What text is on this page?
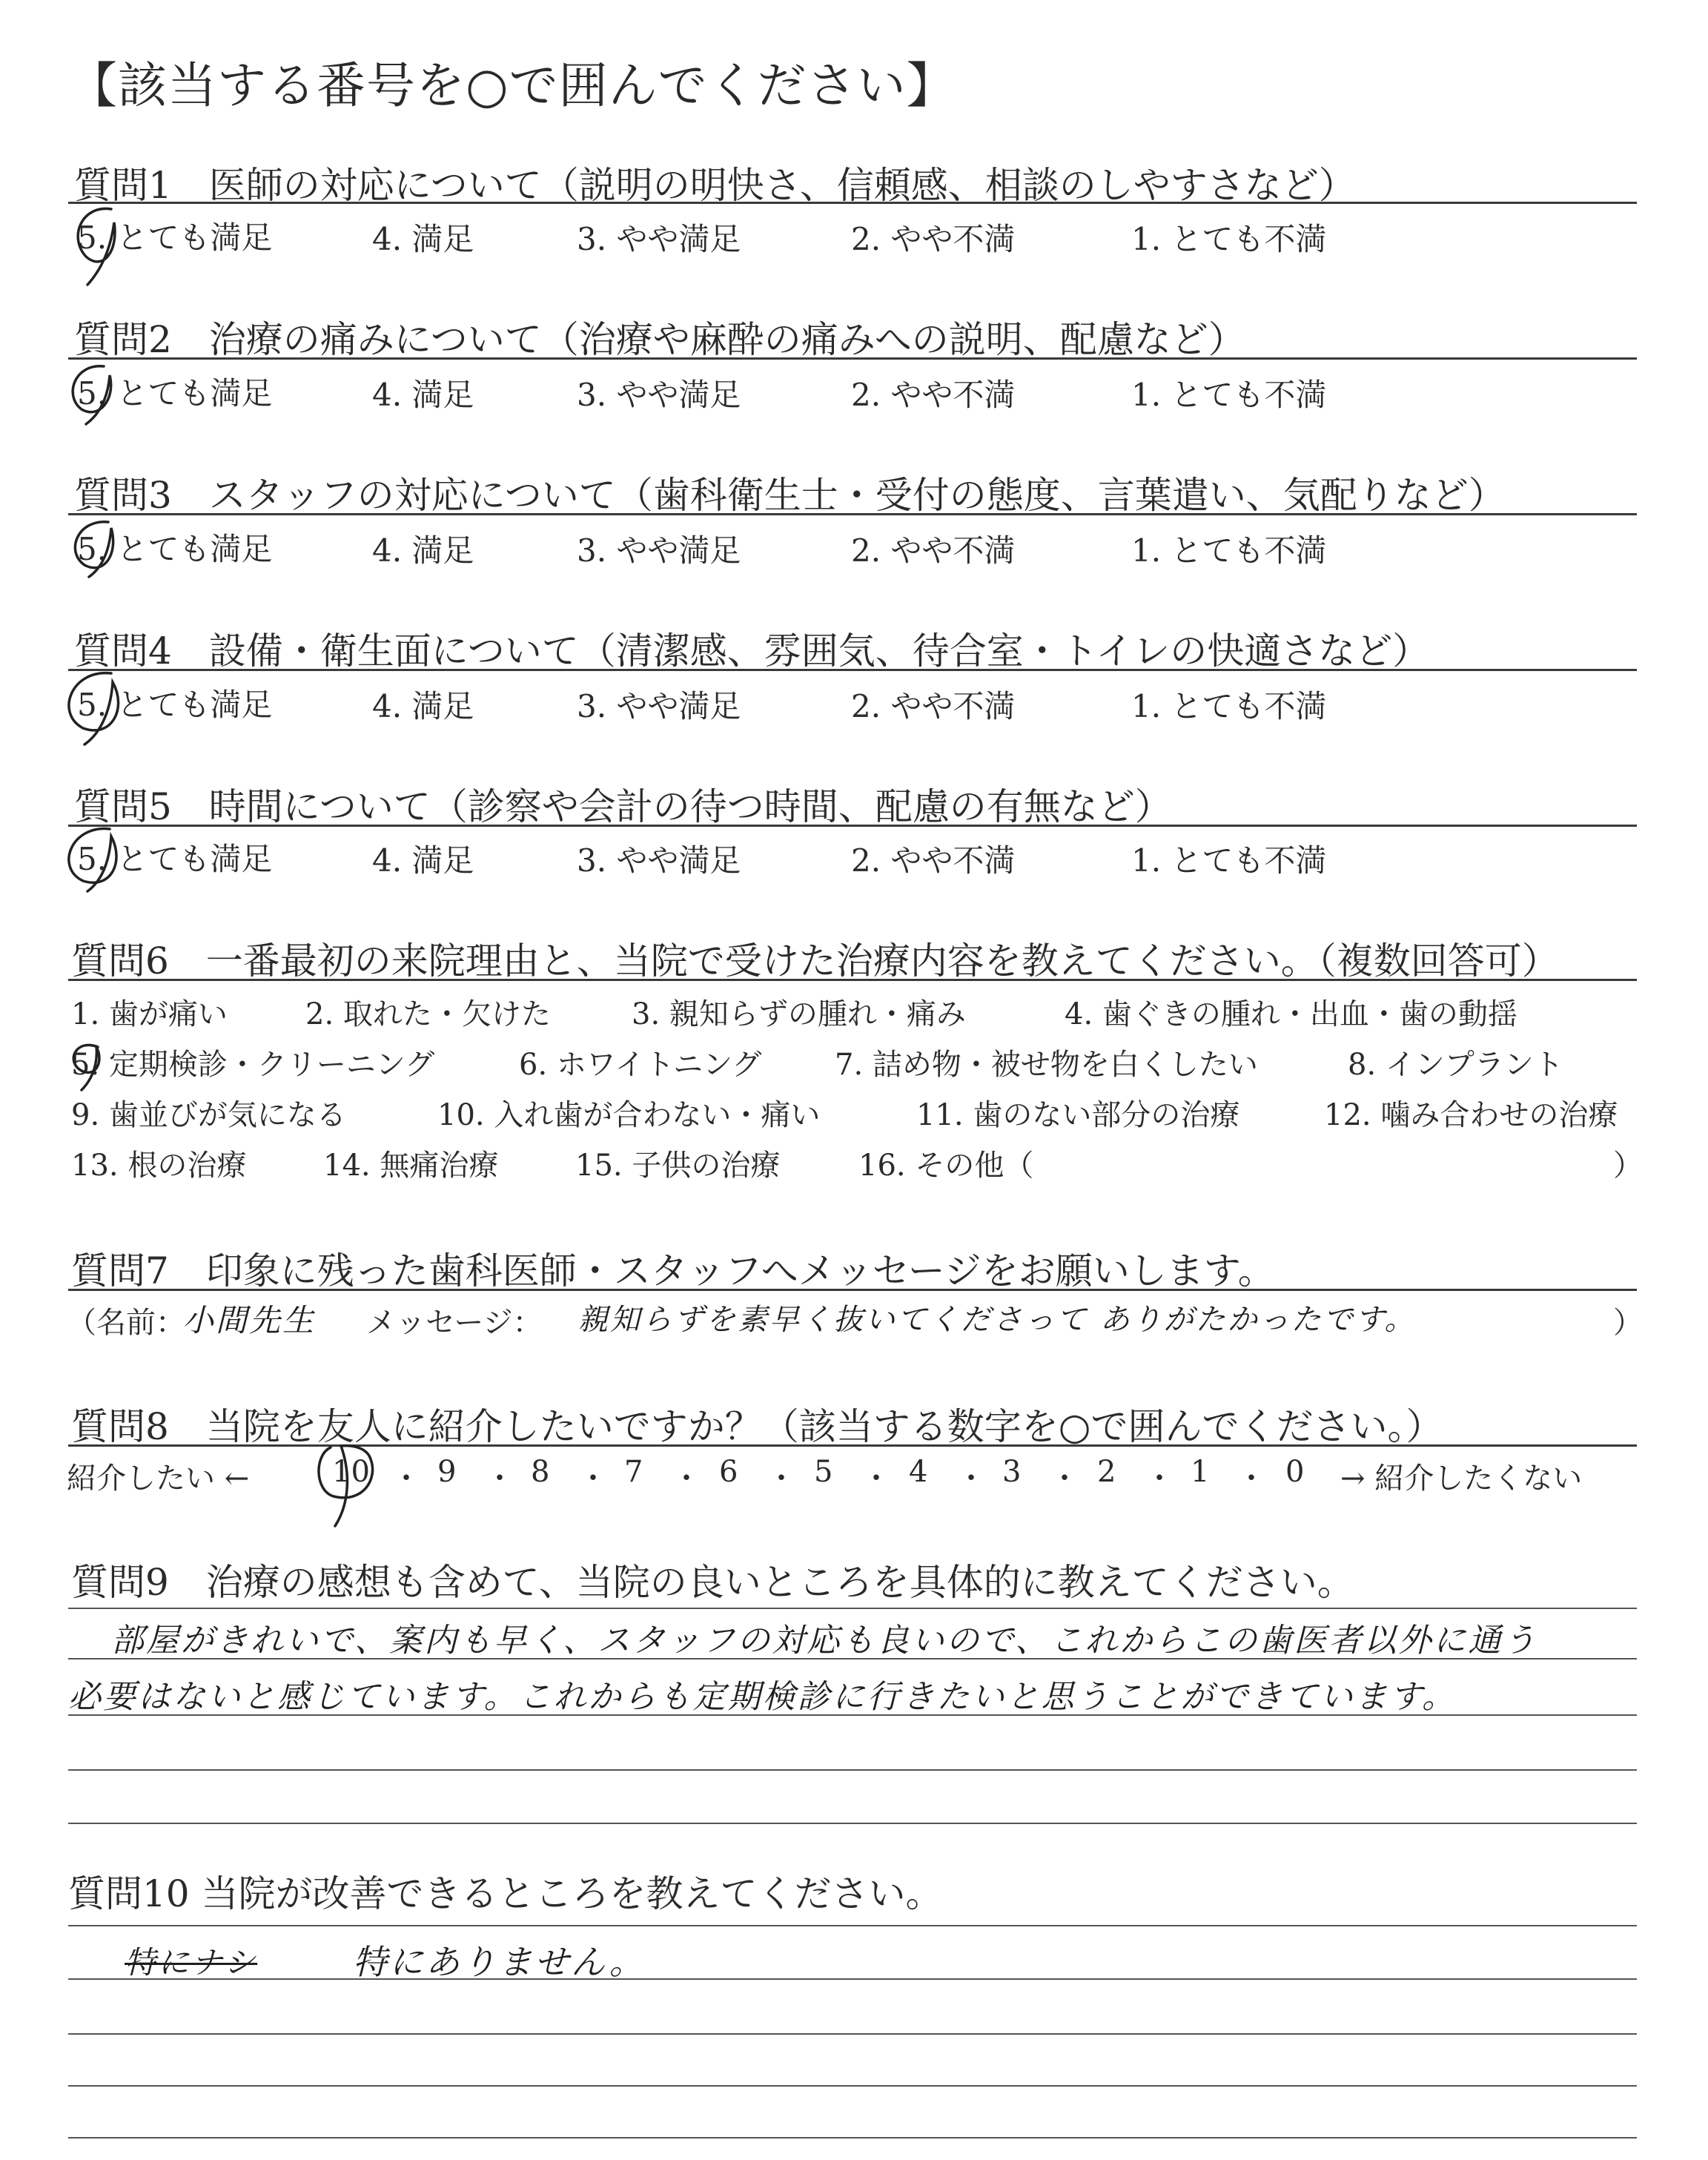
【該当する番号を○で囲んでください】
質問1　医師の対応について（説明の明快さ、信頼感、相談のしやすさなど）
5. とても満足	4. 満足	3. やや満足	2. やや不満	1. とても不満
質問2　治療の痛みについて（治療や麻酔の痛みへの説明、配慮など）
5. とても満足	4. 満足	3. やや満足	2. やや不満	1. とても不満
質問3　スタッフの対応について（歯科衛生士・受付の態度、言葉遣い、気配りなど）
5. とても満足	4. 満足	3. やや満足	2. やや不満	1. とても不満
質問4　設備・衛生面について（清潔感、雰囲気、待合室・トイレの快適さなど）
5. とても満足	4. 満足	3. やや満足	2. やや不満	1. とても不満
質問5　時間について（診察や会計の待つ時間、配慮の有無など）
5. とても満足	4. 満足	3. やや満足	2. やや不満	1. とても不満
質問6　一番最初の来院理由と、当院で受けた治療内容を教えてください。（複数回答可）
1. 歯が痛い	2. 取れた・欠けた	3. 親知らずの腫れ・痛み	4. 歯ぐきの腫れ・出血・歯の動揺
5. 定期検診・クリーニング	6. ホワイトニング 7. 詰め物・被せ物を白くしたい	8. インプラント
9. 歯並びが気になる	10. 入れ歯が合わない・痛い	11. 歯のない部分の治療	12. 噛み合わせの治療
13. 根の治療	14. 無痛治療	15. 子供の治療	16. その他（	）
質問7　印象に残った歯科医師・スタッフへメッセージをお願いします。
（名前：
小間先生 メッセージ： 親知らずを素早く抜いてくださって ありがたかったです。	）
質問8　当院を友人に紹介したいですか？（該当する数字を○で囲んでください。）
紹介したい ←	→ 紹介したくない
10 ・ 9 ・ 8 ・ 7 ・ 6 ・ 5 ・ 4 ・ 3 ・ 2 ・ 1 ・ 0
質問9　治療の感想も含めて、当院の良いところを具体的に教えてください。
部屋がきれいで、案内も早く、スタッフの対応も良いので、これからこの歯医者以外に通う
必要はないと感じています。これからも定期検診に行きたいと思うことができています。
質問10 当院が改善できるところを教えてください。
特にナシ	特にありません。
